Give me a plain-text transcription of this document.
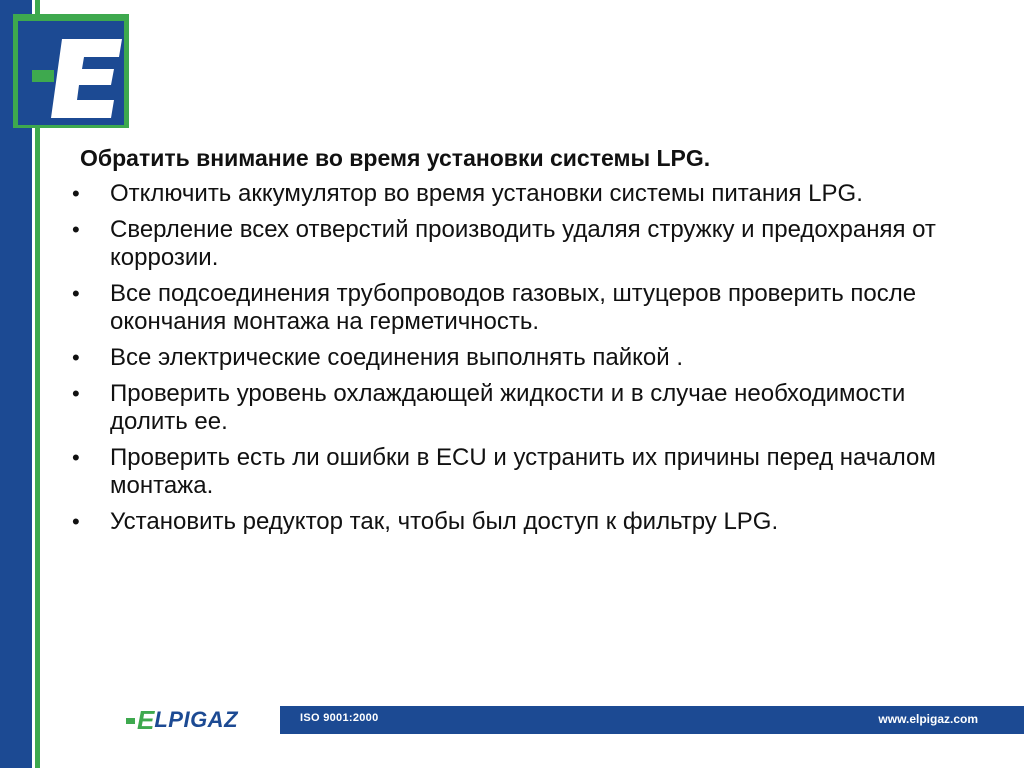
Обратить внимание во время установки системы LPG.
• Отключить аккумулятор во время установки системы питания LPG.
• Сверление всех отверстий производить удаляя стружку и предохраняя от коррозии.
• Все подсоединения трубопроводов газовых, штуцеров проверить после окончания монтажа на герметичность.
• Все электрические соединения выполнять пайкой .
• Проверить уровень охлаждающей жидкости и в случае необходимости долить ее.
• Проверить есть ли ошибки в ECU и устранить их причины перед началом монтажа.
• Установить редуктор так, чтобы был доступ к фильтру LPG.
E LPIGAZ	ISO 9001:2000	www.elpigaz.com
